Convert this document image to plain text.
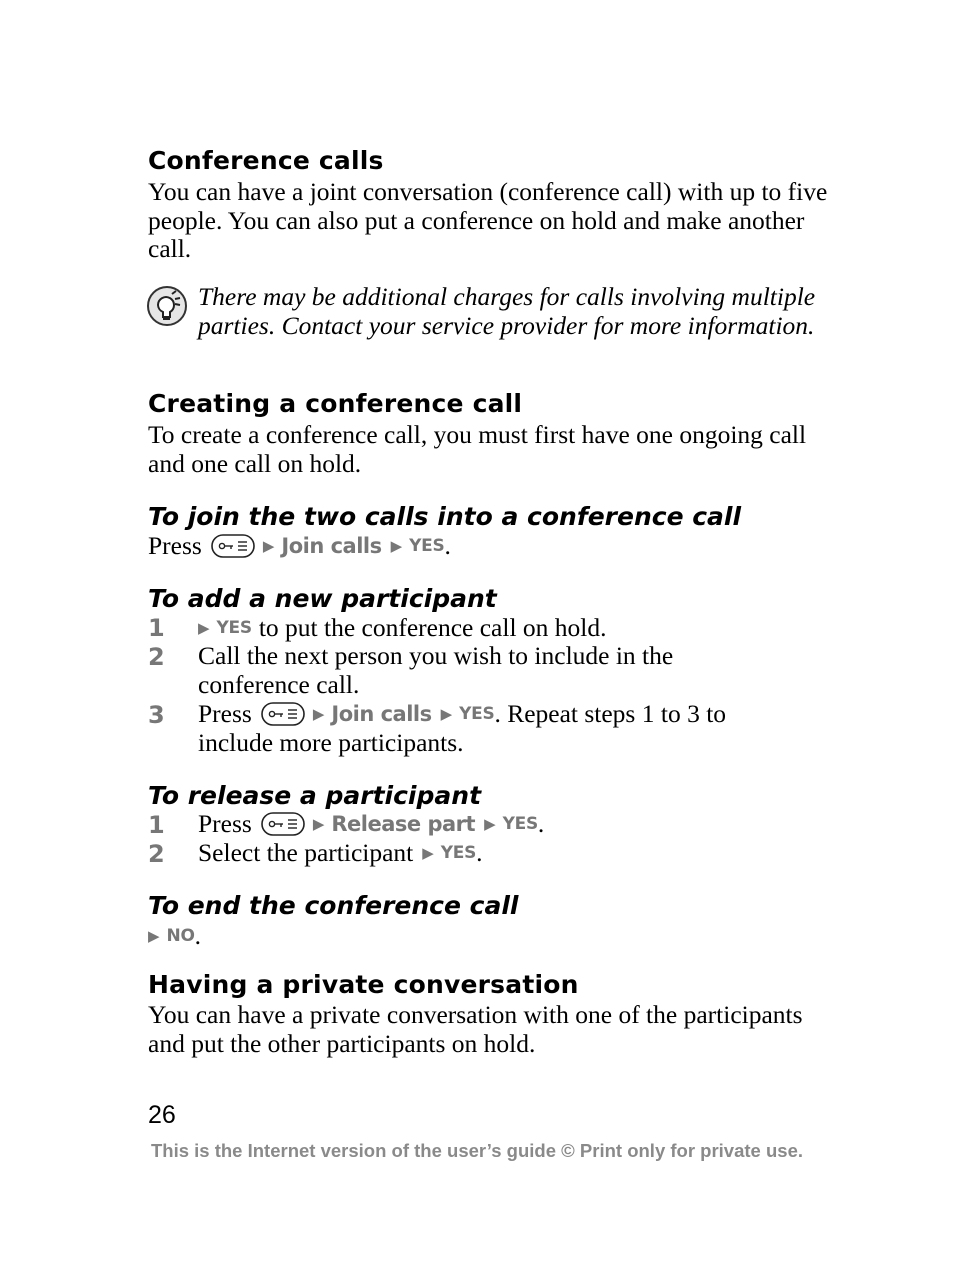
Conference calls
You can have a joint conversation (conference call) with up to five people. You can also put a conference on hold and make another call.
There may be additional charges for calls involving multiple parties. Contact your service provider for more information.
Creating a conference call
To create a conference call, you must first have one ongoing call and one call on hold.
To join the two calls into a conference call
Press	▶ Join calls ▶ YES .
To add a new participant
1	▶ YES to put the conference call on hold.
2	Call the next person you wish to include in the
conference call.
3	Press	▶ Join calls ▶ YES . Repeat steps 1 to 3 to
include more participants.
To release a participant
1	Press	▶ Release part ▶ YES .
2	Select the participant ▶ YES .
To end the conference call
▶ NO .
Having a private conversation
You can have a private conversation with one of the participants and put the other participants on hold.
26
This is the Internet version of the user’s guide © Print only for private use.
